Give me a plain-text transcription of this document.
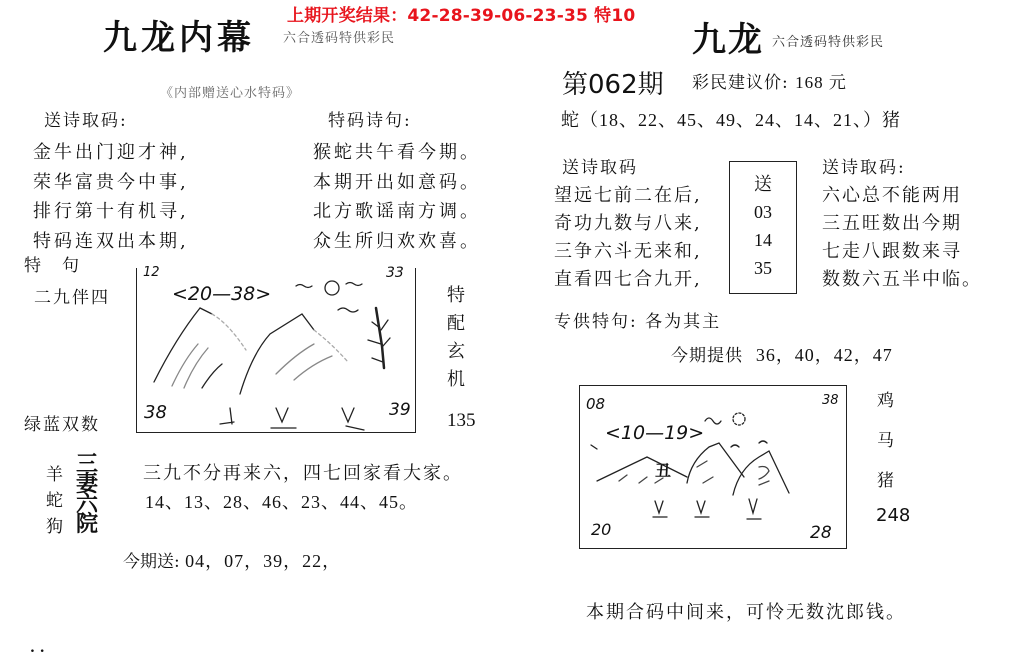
上期开奖结果：42-28-39-06-23-35 特10
九龙内幕 六合透码特供彩民
《内部赠送心水特码》
送诗取码:
金牛出门迎才神,
荣华富贵今中事,
排行第十有机寻,
特码连双出本期,
特码诗句:
猴蛇共午看今期。
本期开出如意码。
北方歌谣南方调。
众生所归欢欢喜。
特　句
二九伴四
绿蓝双数
12	33
38	39
<20—38>	特
配
玄
机
135
羊
蛇
狗
三
妻
六
院
三九不分再来六，四七回家看大家。
14、13、28、46、23、44、45。
今期送: 04，07，39，22，
. .
九龙 六合透码特供彩民
第062期 彩民建议价: 168 元
蛇（18、22、45、49、24、14、21、）猪
送诗取码
望远七前二在后,
奇功九数与八来,
三争六斗无来和,
直看四七合九开,
送
03
14
35
送诗取码:
六心总不能两用
三五旺数出今期
七走八跟数来寻
数数六五半中临。
专供特句: 各为其主
今期提供 36，40，42，47
08	38
20	28
<10—19>
丑
鸡
马
猪
248
本期合码中间来，可怜无数沈郎钱。
